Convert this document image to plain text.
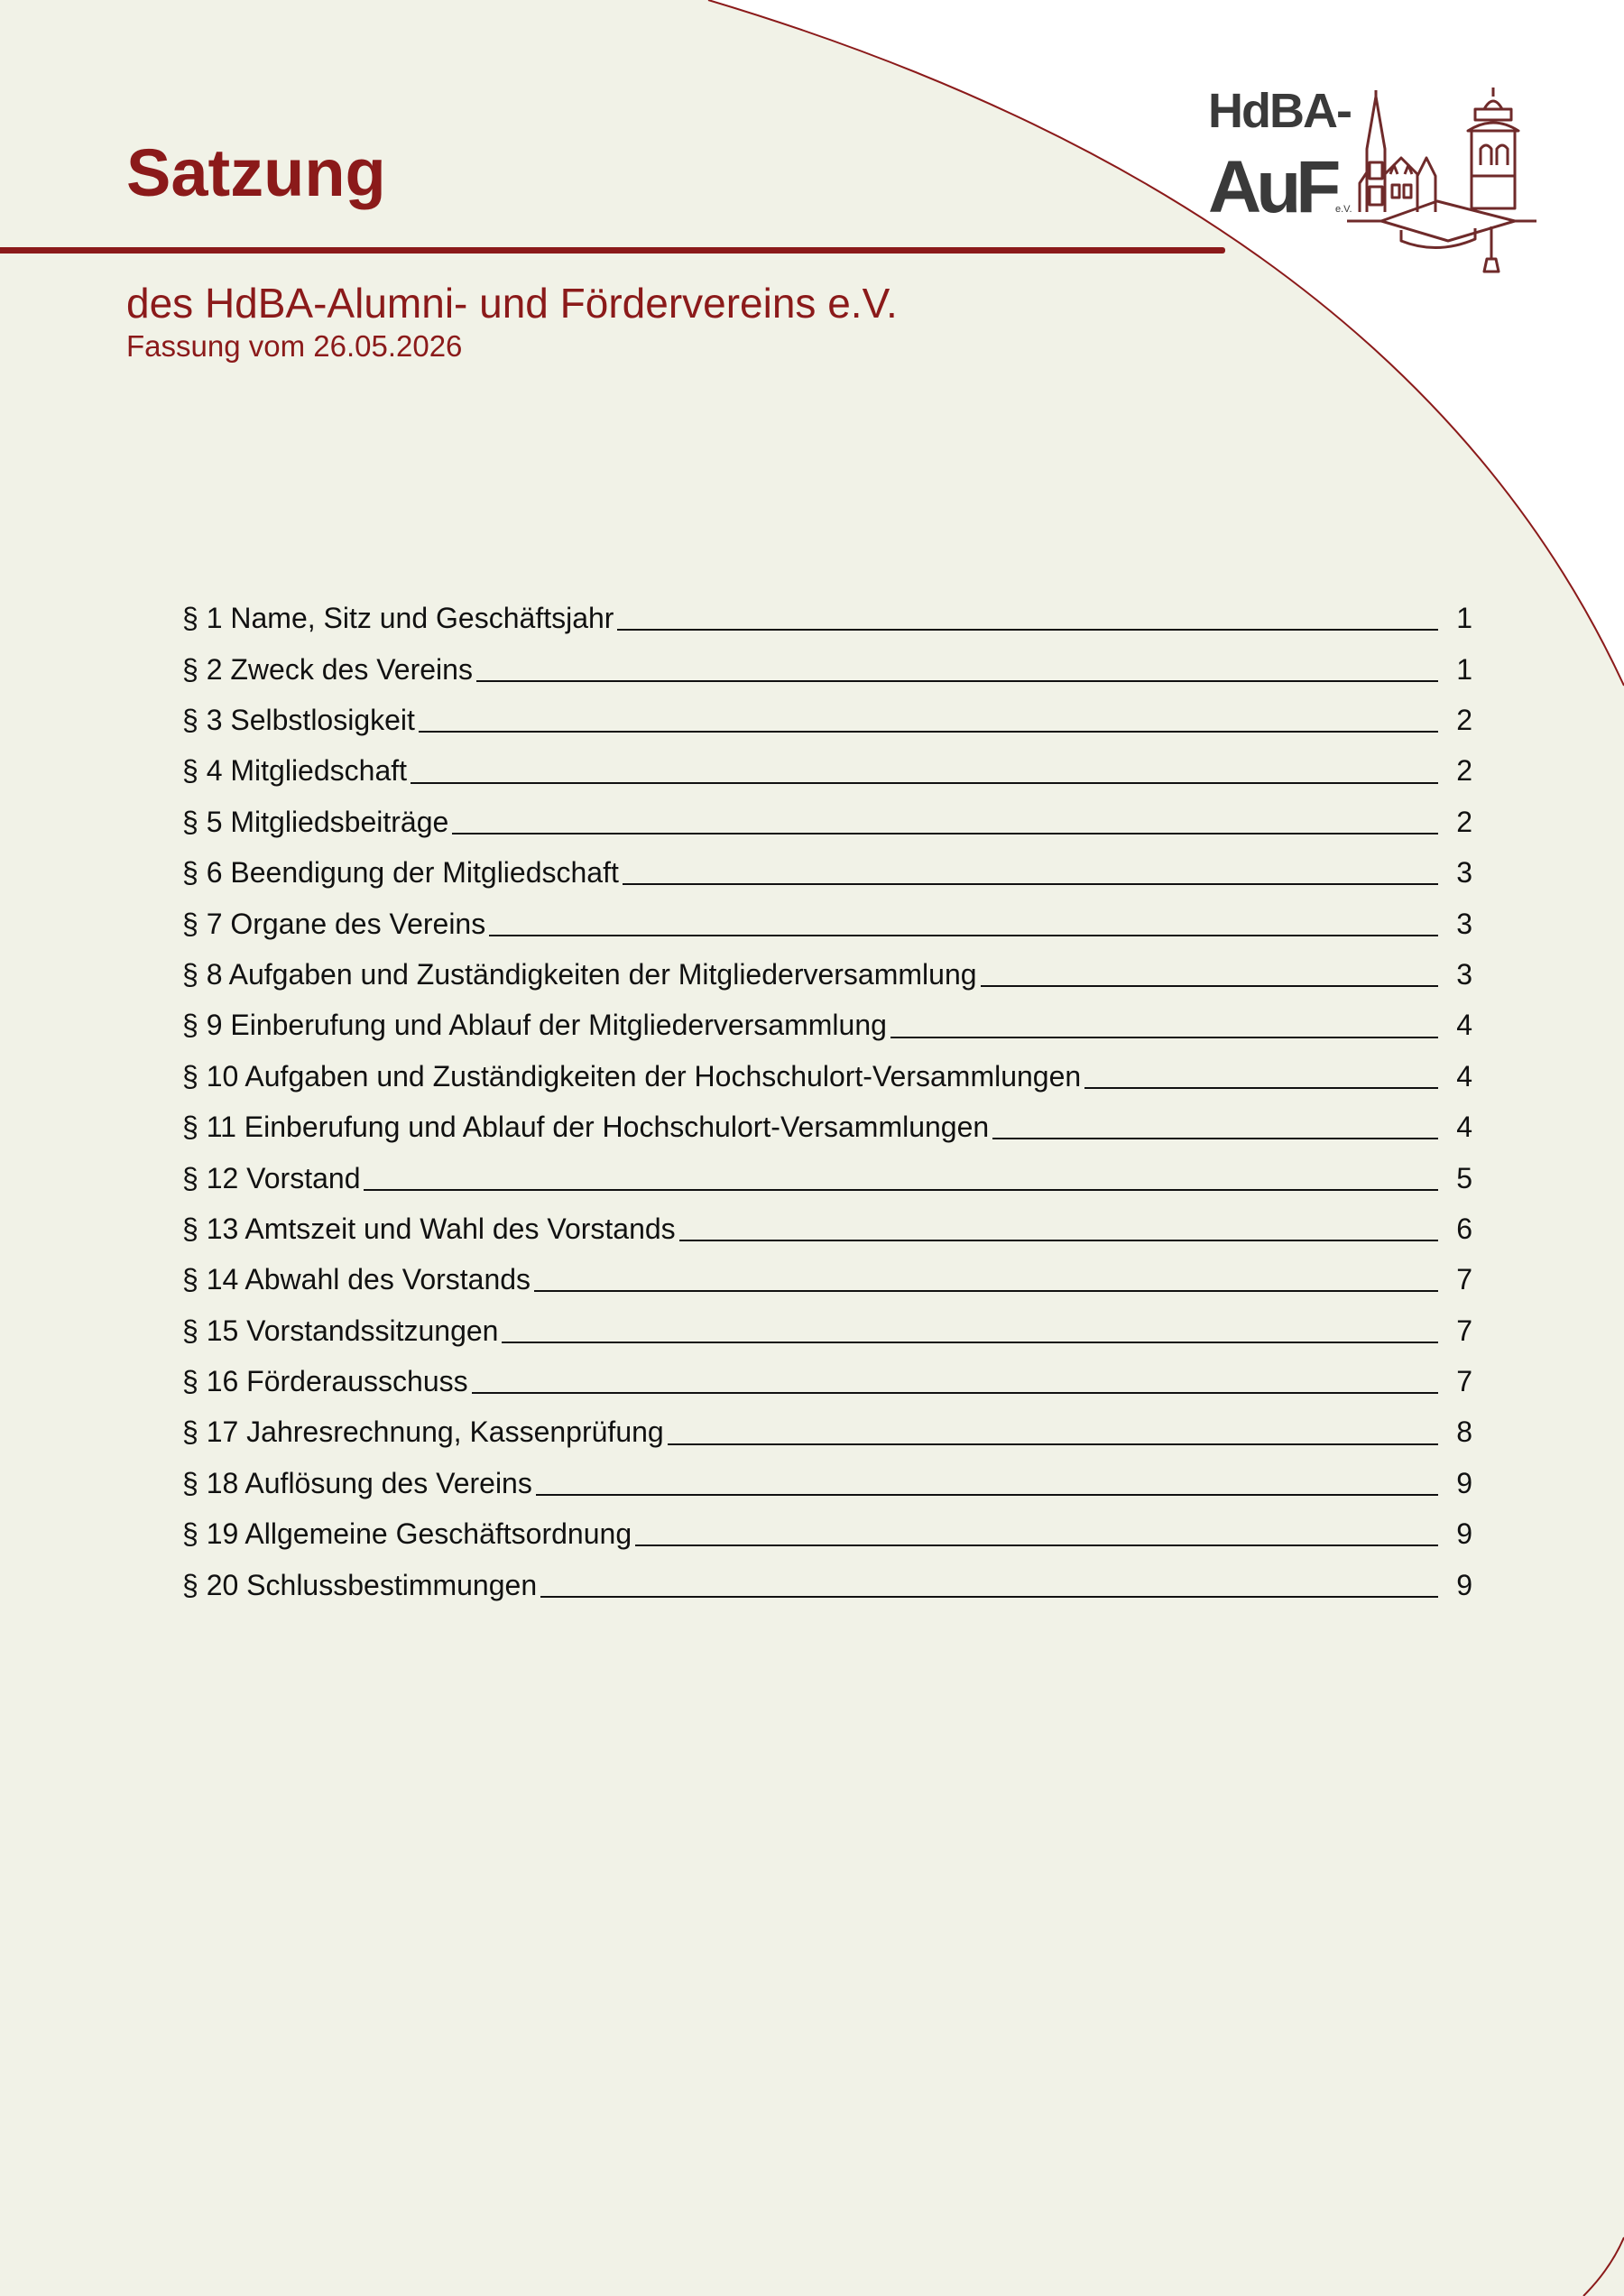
HdBA-
AuF e.V.
Satzung
des HdBA-Alumni- und Fördervereins e.V.
Fassung vom 26.05.2026
§ 1 Name, Sitz und Geschäftsjahr	1
§ 2 Zweck des Vereins	1
§ 3 Selbstlosigkeit	2
§ 4 Mitgliedschaft	2
§ 5 Mitgliedsbeiträge	2
§ 6 Beendigung der Mitgliedschaft	3
§ 7 Organe des Vereins	3
§ 8 Aufgaben und Zuständigkeiten der Mitgliederversammlung	3
§ 9 Einberufung und Ablauf der Mitgliederversammlung	4
§ 10 Aufgaben und Zuständigkeiten der Hochschulort-Versammlungen	4
§ 11 Einberufung und Ablauf der Hochschulort-Versammlungen	4
§ 12 Vorstand	5
§ 13 Amtszeit und Wahl des Vorstands	6
§ 14 Abwahl des Vorstands	7
§ 15 Vorstandssitzungen	7
§ 16 Förderausschuss	7
§ 17 Jahresrechnung, Kassenprüfung	8
§ 18 Auflösung des Vereins	9
§ 19 Allgemeine Geschäftsordnung	9
§ 20 Schlussbestimmungen	9
